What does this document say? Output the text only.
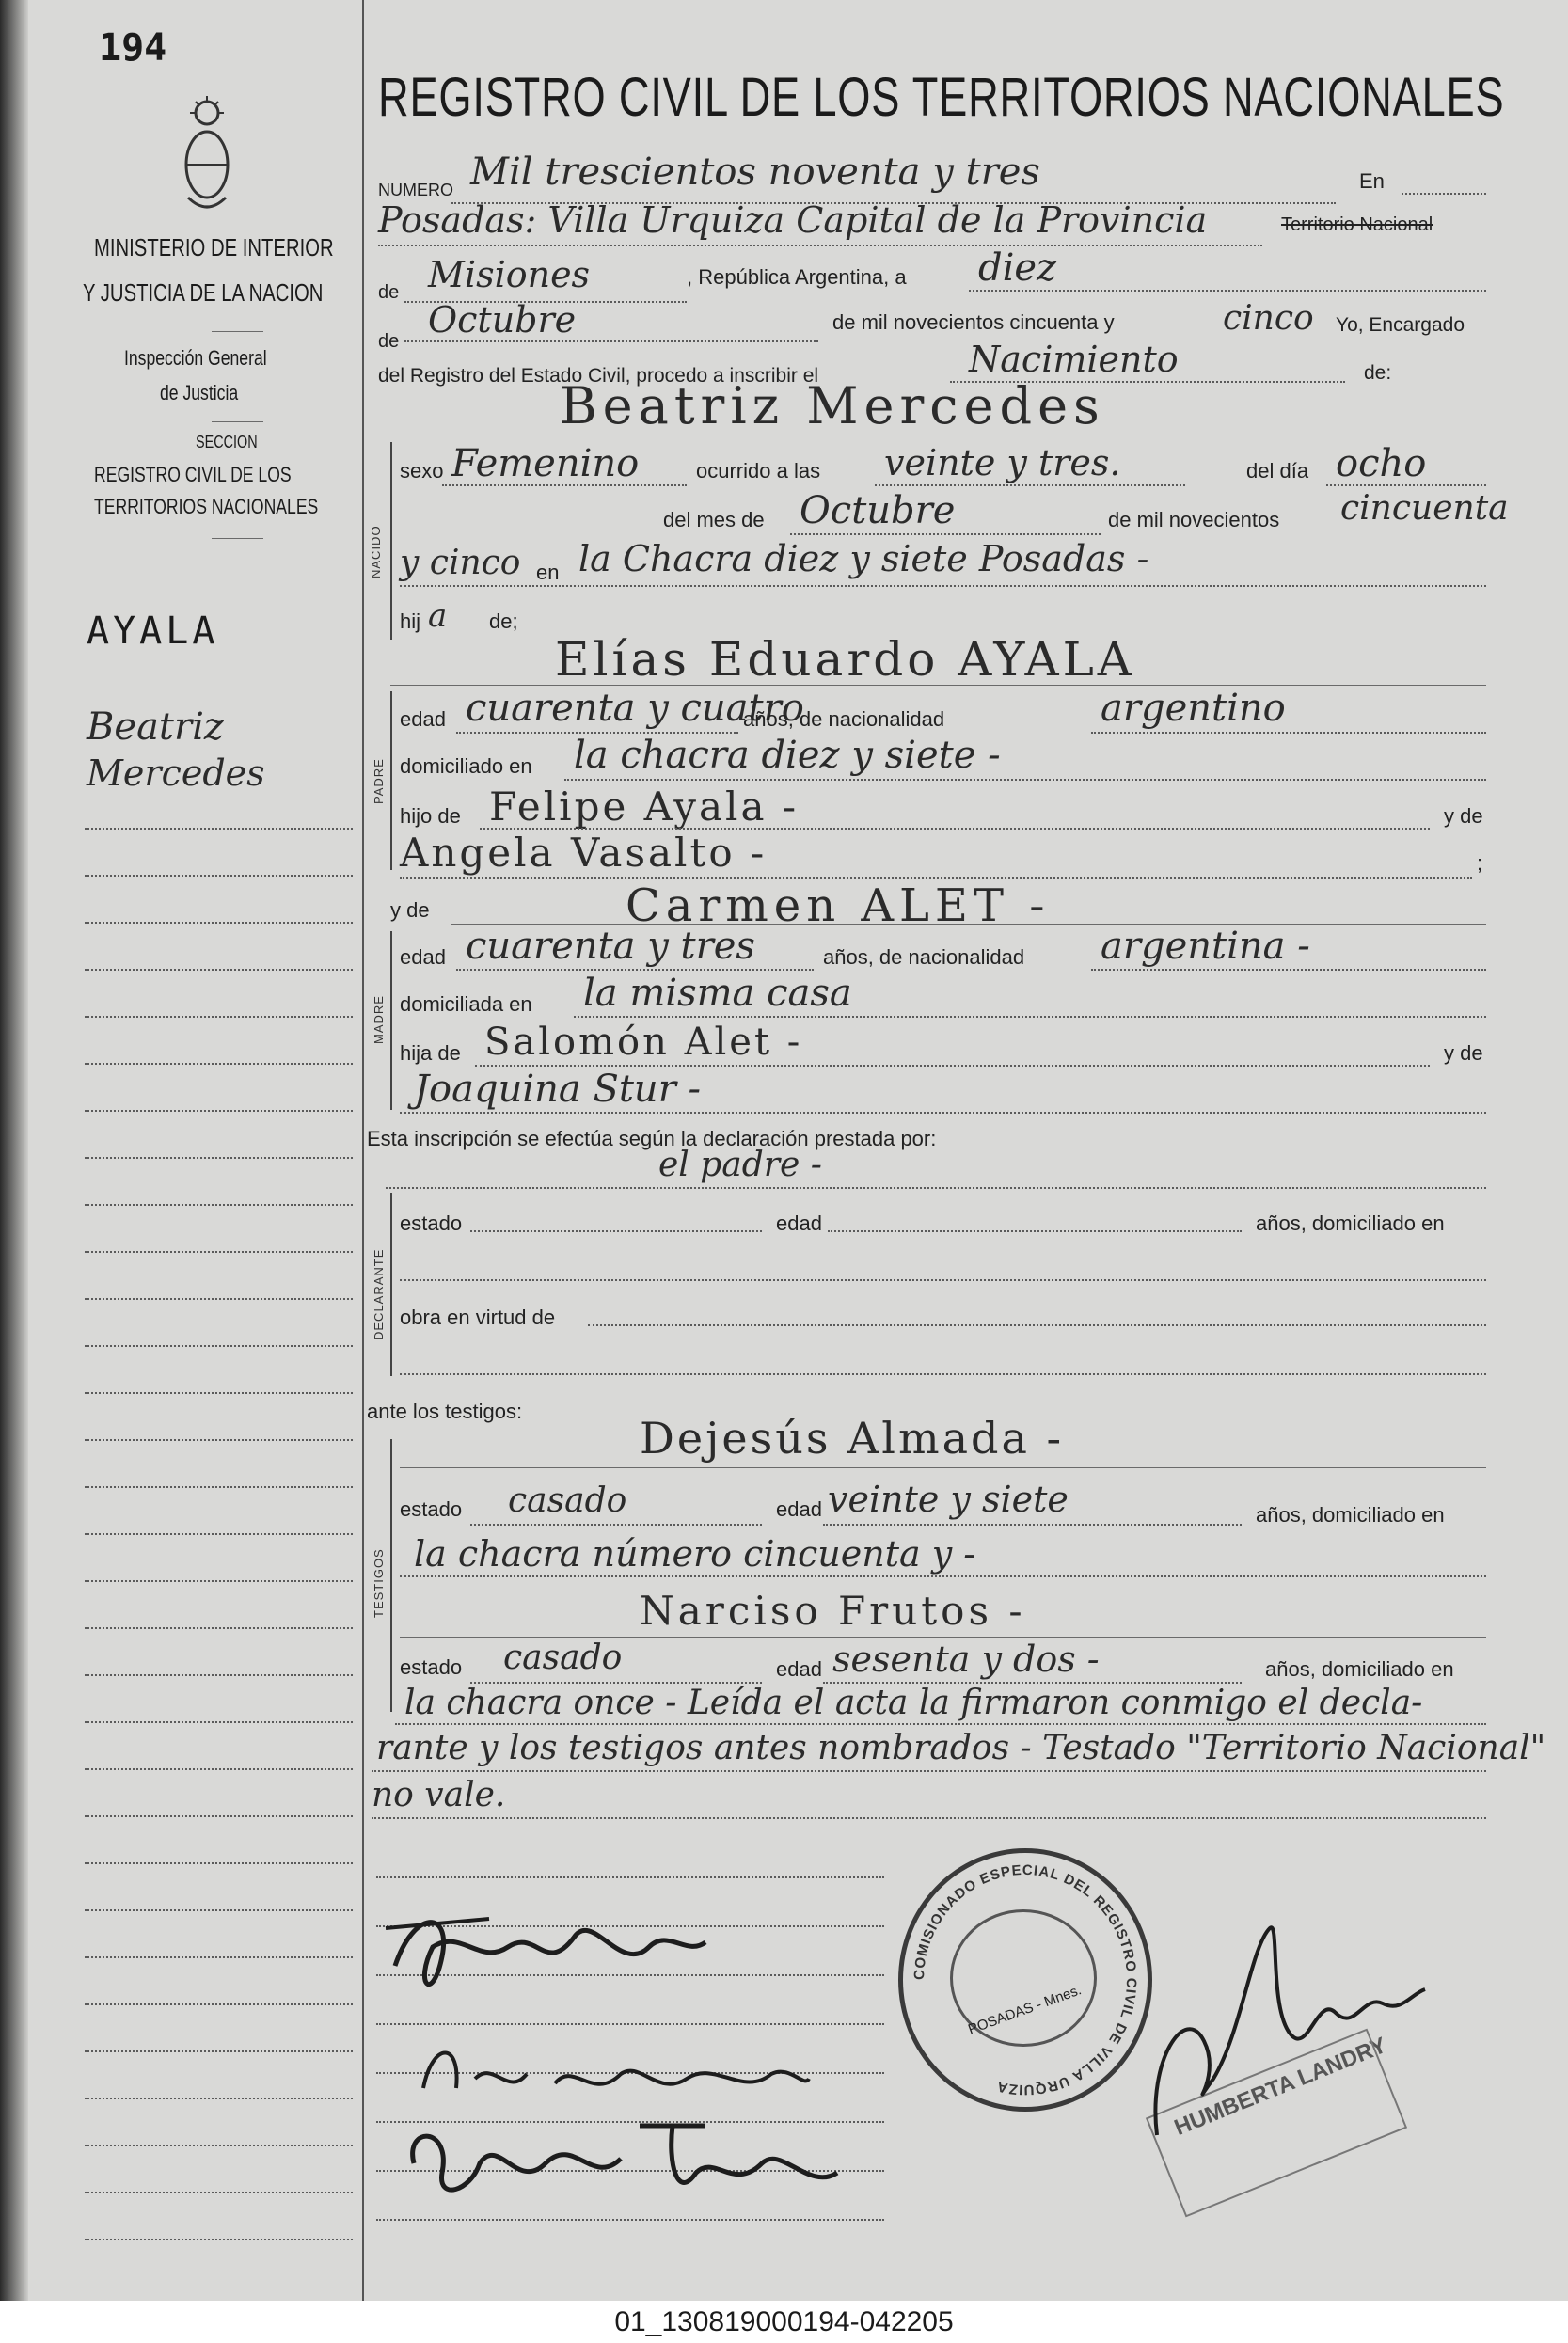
194
MINISTERIO DE INTERIOR
Y JUSTICIA DE LA NACION
Inspección General
de Justicia
SECCION
REGISTRO CIVIL DE LOS
TERRITORIOS NACIONALES
AYALA
Beatriz
Mercedes
REGISTRO CIVIL DE LOS TERRITORIOS NACIONALES
NUMERO Mil trescientos noventa y tres	En
Posadas: Villa Urquiza Capital de la Provincia	Territorio Nacional
de Misiones	, República Argentina, a diez
de
Octubre	de mil novecientos cincuenta y	cinco Yo, Encargado
del Registro del Estado Civil, procedo a inscribir el	Nacimiento	de:
Beatriz Mercedes
NACIDO
sexo Femenino	ocurrido a las veinte y tres.	del día ocho
del mes de Octubre	de mil novecientos cincuenta
y cinco en la Chacra diez y siete Posadas -
hij a de;
Elías Eduardo AYALA
PADRE
edad cuarenta y cuatro
años, de nacionalidad	argentino
domiciliado en la chacra diez y siete -
hijo de Felipe Ayala -	y de
Angela Vasalto -	;
y de	Carmen ALET -
MADRE
edad cuarenta y tres	años, de nacionalidad argentina -
domiciliada en la misma casa
hija de Salomón Alet -	y de
Joaquina Stur -
Esta inscripción se efectúa según la declaración prestada por:
el padre -
DECLARANTE
estado	edad	años, domiciliado en
obra en virtud de
ante los testigos:
TESTIGOS
Dejesús Almada -
estado casado	edad veinte y siete	años, domiciliado en
la chacra número cincuenta y -
Narciso Frutos -
estado casado	edad sesenta y dos -	años, domiciliado en
la chacra once - Leída el acta la firmaron conmigo el decla-
rante y los testigos antes nombrados - Testado "Territorio Nacional"
no vale.
COMISIONADO ESPECIAL DEL REGISTRO CIVIL DE VILLA URQUIZA
POSADAS - Mnes.
HUMBERTA LANDRY
01_130819000194-042205
